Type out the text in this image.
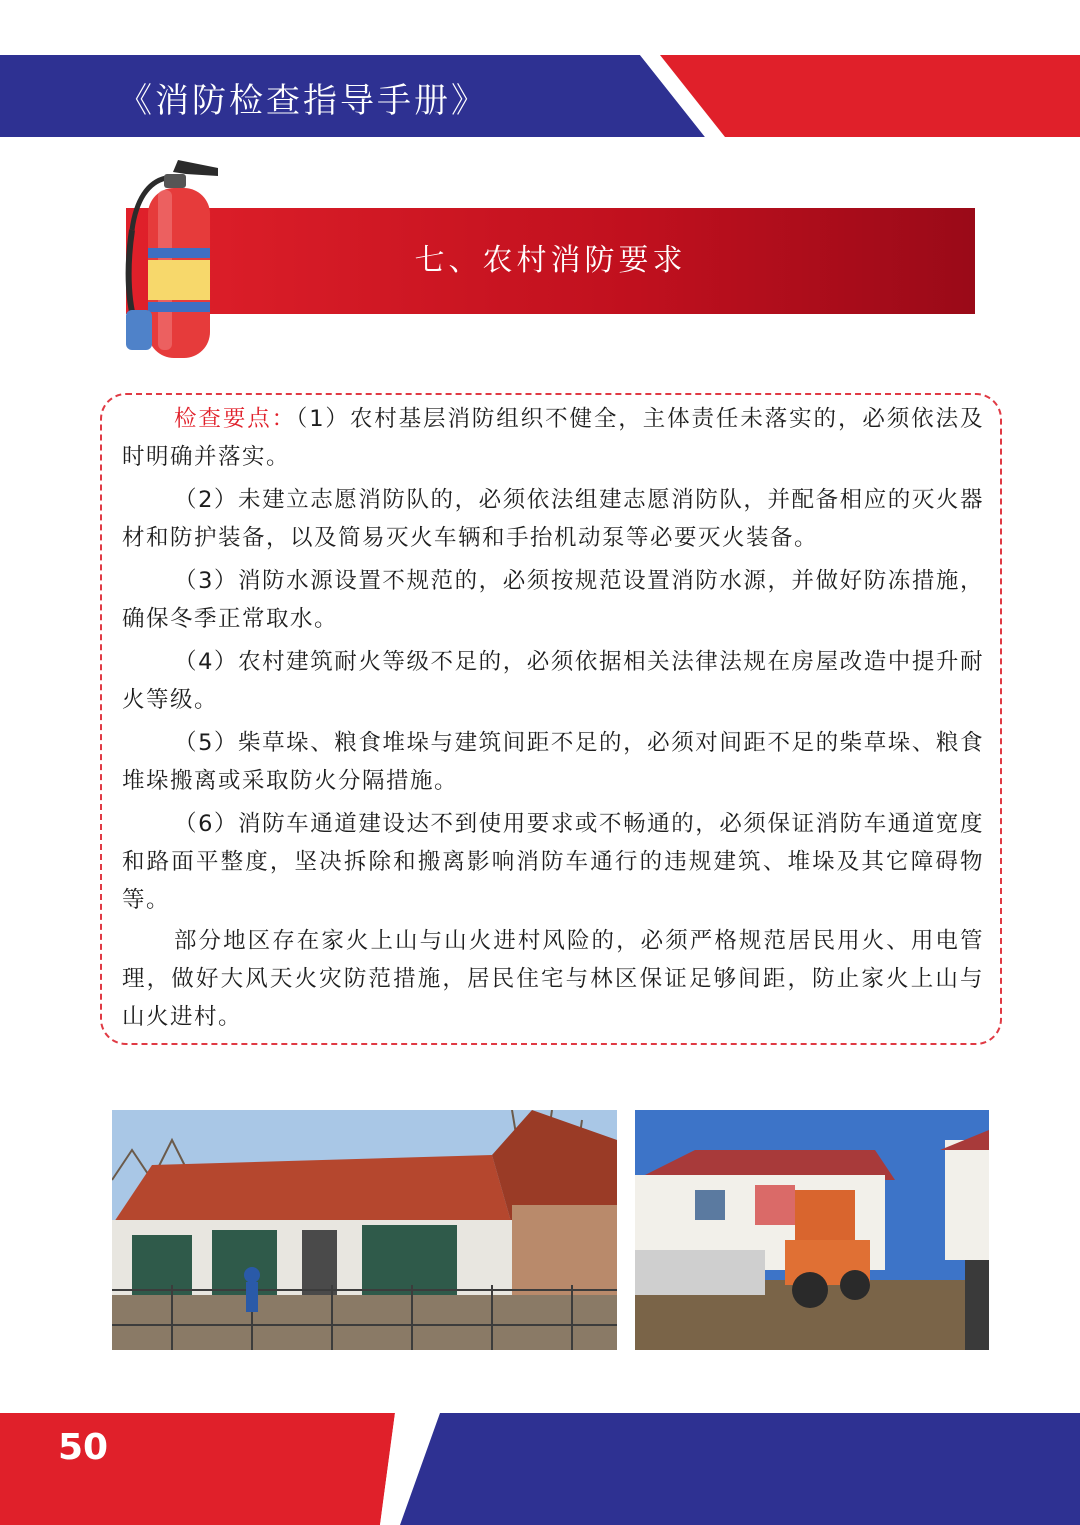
《消防检查指导手册》
七、农村消防要求

检查要点：（1）农村基层消防组织不健全，主体责任未落实的，必须依法及时明确并落实。

（2）未建立志愿消防队的，必须依法组建志愿消防队，并配备相应的灭火器材和防护装备，以及简易灭火车辆和手抬机动泵等必要灭火装备。

（3）消防水源设置不规范的，必须按规范设置消防水源，并做好防冻措施，确保冬季正常取水。

（4）农村建筑耐火等级不足的，必须依据相关法律法规在房屋改造中提升耐火等级。

（5）柴草垛、粮食堆垛与建筑间距不足的，必须对间距不足的柴草垛、粮食堆垛搬离或采取防火分隔措施。

（6）消防车通道建设达不到使用要求或不畅通的，必须保证消防车通道宽度和路面平整度，坚决拆除和搬离影响消防车通行的违规建筑、堆垛及其它障碍物等。

部分地区存在家火上山与山火进村风险的，必须严格规范居民用火、用电管理，做好大风天火灾防范措施，居民住宅与林区保证足够间距，防止家火上山与山火进村。

50
